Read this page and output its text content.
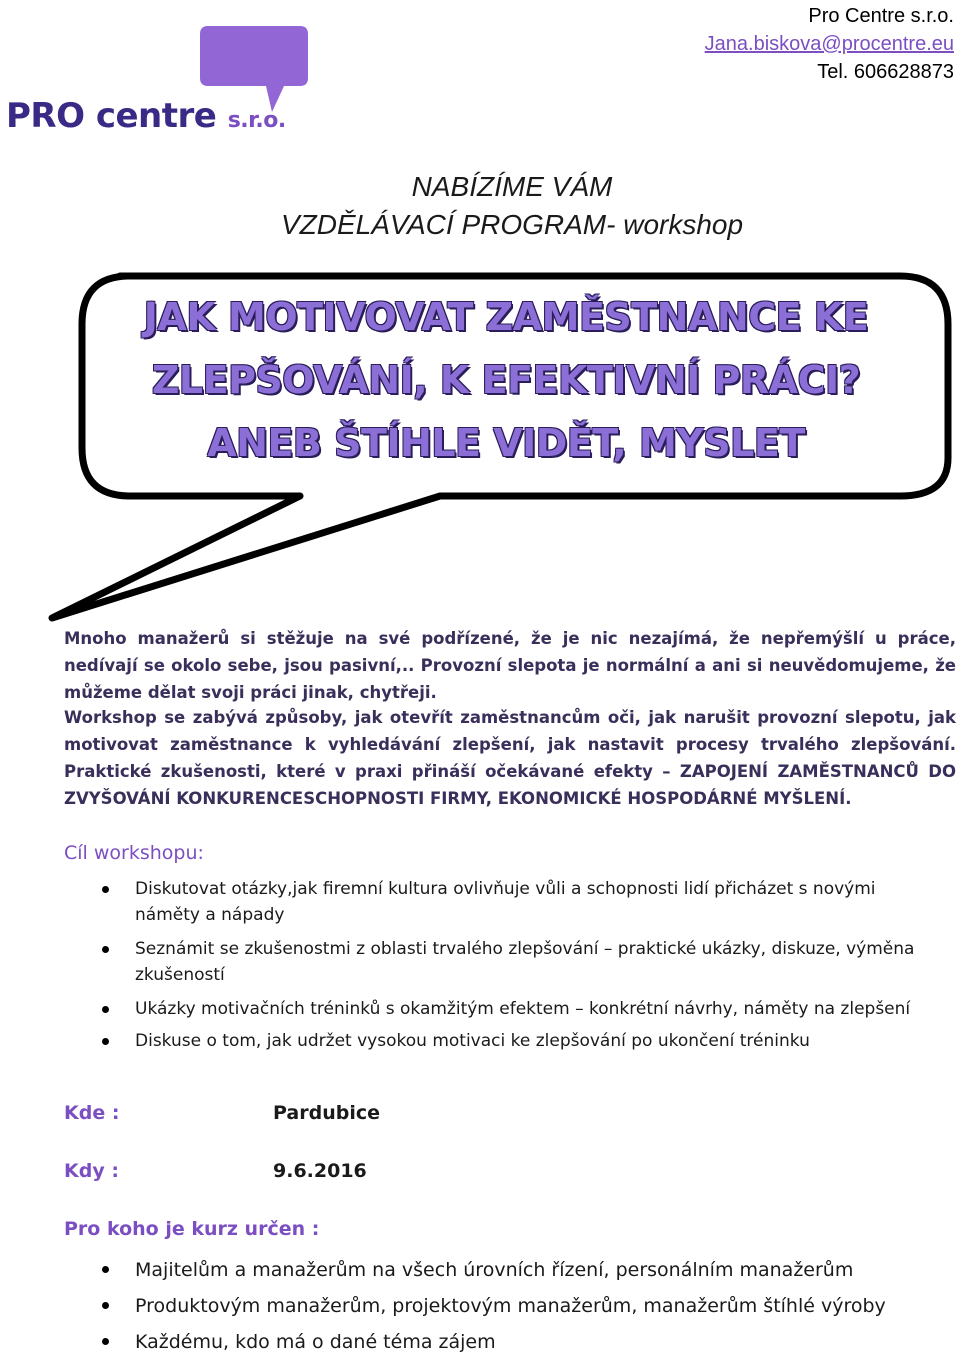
Pro Centre s.r.o.
Jana.biskova@procentre.eu
Tel. 606628873
PRO centre s.r.o.
NABÍZÍME VÁM
VZDĚLÁVACÍ PROGRAM- workshop
JAK MOTIVOVAT ZAMĚSTNANCE KE
ZLEPŠOVÁNÍ, K EFEKTIVNÍ PRÁCI?
ANEB ŠTÍHLE VIDĚT, MYSLET

Mnoho manažerů si stěžuje na své podřízené, že je nic nezajímá, že nepřemýšlí u práce, nedívají se okolo sebe, jsou pasivní,.. Provozní slepota je normální a ani si neuvědomujeme, že můžeme dělat svoji práci jinak, chytřeji.

Workshop se zabývá způsoby, jak otevřít zaměstnancům oči, jak narušit provozní slepotu, jak motivovat zaměstnance k vyhledávání zlepšení, jak nastavit procesy trvalého zlepšování. Praktické zkušenosti, které v praxi přináší očekávané efekty – ZAPOJENÍ ZAMĚSTNANCŮ DO ZVYŠOVÁNÍ KONKURENCESCHOPNOSTI FIRMY, EKONOMICKÉ HOSPODÁRNÉ MYŠLENÍ.

Cíl workshopu:
Diskutovat otázky,jak firemní kultura ovlivňuje vůli a schopnosti lidí přicházet s novými náměty a nápady
Seznámit se zkušenostmi z oblasti trvalého zlepšování – praktické ukázky, diskuze, výměna zkušeností
Ukázky motivačních tréninků s okamžitým efektem – konkrétní návrhy, náměty na zlepšení
Diskuse o tom, jak udržet vysokou motivaci ke zlepšování po ukončení tréninku
Kde :	Pardubice
Kdy :	9.6.2016
Pro koho je kurz určen :
Majitelům a manažerům na všech úrovních řízení, personálním manažerům
Produktovým manažerům, projektovým manažerům, manažerům štíhlé výroby
Každému, kdo má o dané téma zájem
